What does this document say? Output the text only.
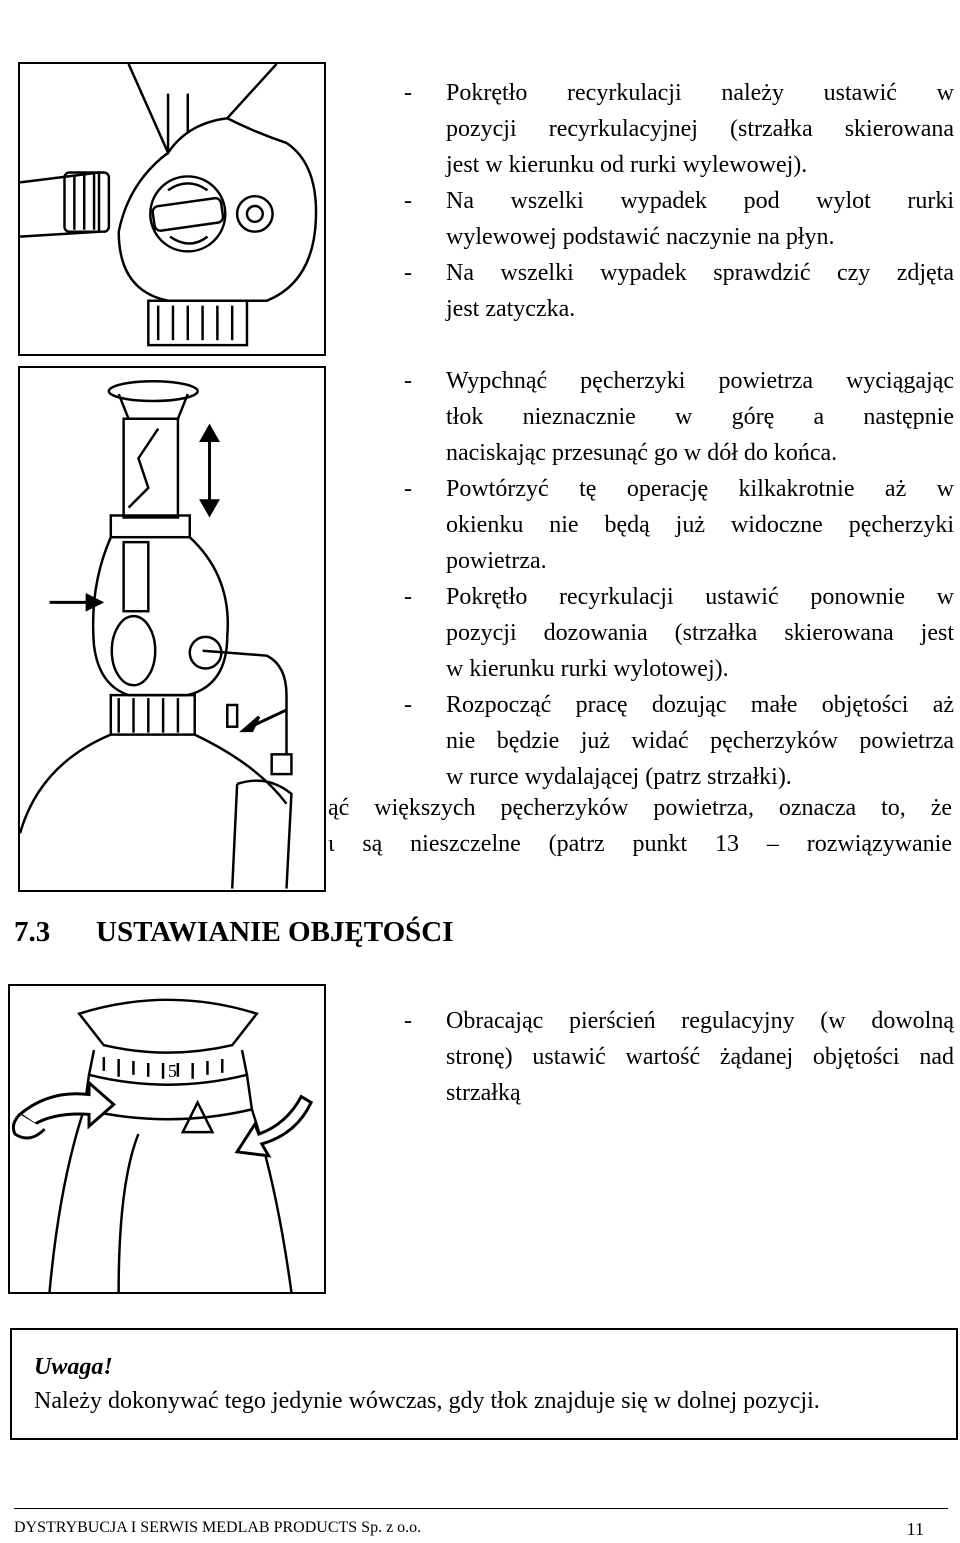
5
-	Pokrętło recyrkulacji należy ustawić w
pozycji recyrkulacyjnej (strzałka skierowana
jest w kierunku od rurki wylewowej).
-	Na wszelki wypadek pod wylot rurki
wylewowej podstawić naczynie na płyn.
-	Na wszelki wypadek sprawdzić czy zdjęta
jest zatyczka.
-	Wypchnąć pęcherzyki powietrza wyciągając
tłok nieznacznie w górę a następnie
naciskając przesunąć go w dół do końca.
-	Powtórzyć tę operację kilkakrotnie aż w
okienku nie będą już widoczne pęcherzyki
powietrza.
-	Pokrętło recyrkulacji ustawić ponownie w
pozycji dozowania (strzałka skierowana jest
w kierunku rurki wylotowej).
-	Rozpocząć pracę dozując małe objętości aż
nie będzie już widać pęcherzyków powietrza
w rurce wydalającej (patrz strzałki).
ąć większych pęcherzyków powietrza, oznacza to, że
ι są nieszczelne (patrz punkt 13 – rozwiązywanie
7.3 USTAWIANIE OBJĘTOŚCI
-	Obracając pierścień regulacyjny (w dowolną
stronę) ustawić wartość żądanej objętości nad
strzałką
Uwaga!
Należy dokonywać tego jedynie wówczas, gdy tłok znajduje się w dolnej pozycji.
DYSTRYBUCJA I SERWIS MEDLAB PRODUCTS Sp. z o.o.	11
